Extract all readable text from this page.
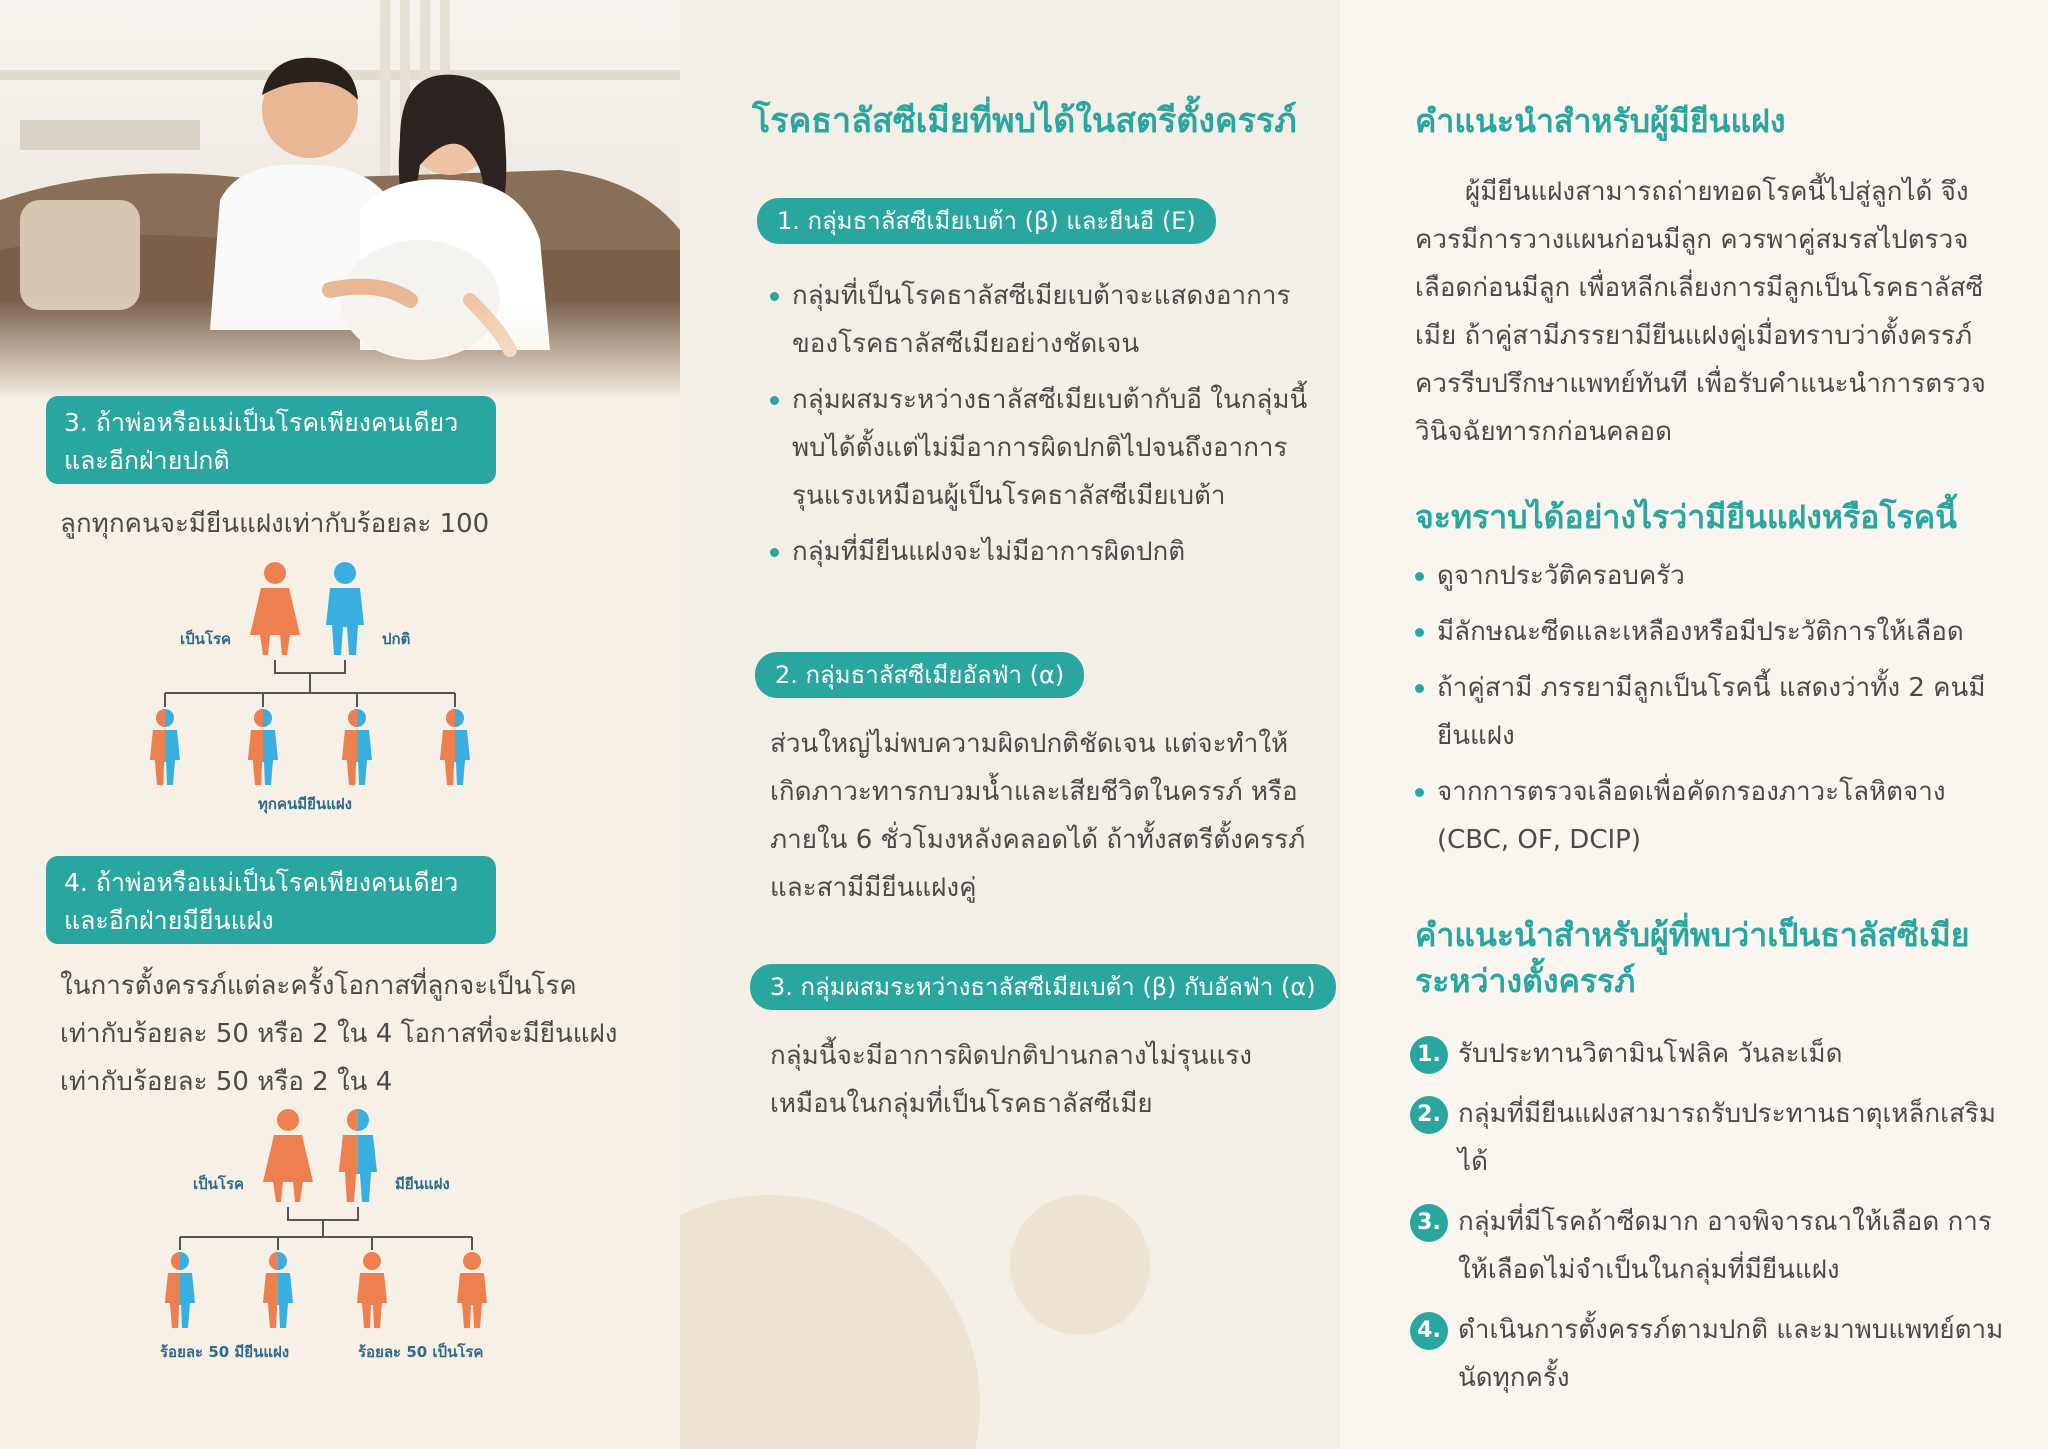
3. ถ้าพ่อหรือแม่เป็นโรคเพียงคนเดียว และอีกฝ่ายปกติ
ลูกทุกคนจะมียีนแฝงเท่ากับร้อยละ 100
เป็นโรค	ปกติ
ทุกคนมียีนแฝง
4. ถ้าพ่อหรือแม่เป็นโรคเพียงคนเดียว และอีกฝ่ายมียีนแฝง
ในการตั้งครรภ์แต่ละครั้งโอกาสที่ลูกจะเป็นโรคเท่ากับร้อยละ 50 หรือ 2 ใน 4 โอกาสที่จะมียีนแฝงเท่ากับร้อยละ 50 หรือ 2 ใน 4
เป็นโรค	มียีนแฝง
ร้อยละ 50 มียีนแฝง	ร้อยละ 50 เป็นโรค
โรคธาลัสซีเมียที่พบได้ในสตรีตั้งครรภ์
1. กลุ่มธาลัสซีเมียเบต้า (β) และยีนอี (E)
กลุ่มที่เป็นโรคธาลัสซีเมียเบต้าจะแสดงอาการของโรคธาลัสซีเมียอย่างชัดเจน
กลุ่มผสมระหว่างธาลัสซีเมียเบต้ากับอี ในกลุ่มนี้พบได้ตั้งแต่ไม่มีอาการผิดปกติไปจนถึงอาการรุนแรงเหมือนผู้เป็นโรคธาลัสซีเมียเบต้า
กลุ่มที่มียีนแฝงจะไม่มีอาการผิดปกติ
2. กลุ่มธาลัสซีเมียอัลฟ่า (α)
ส่วนใหญ่ไม่พบความผิดปกติชัดเจน แต่จะทำให้เกิดภาวะทารกบวมน้ำและเสียชีวิตในครรภ์ หรือภายใน 6 ชั่วโมงหลังคลอดได้ ถ้าทั้งสตรีตั้งครรภ์และสามีมียีนแฝงคู่
3. กลุ่มผสมระหว่างธาลัสซีเมียเบต้า (β) กับอัลฟ่า (α)
กลุ่มนี้จะมีอาการผิดปกติปานกลางไม่รุนแรงเหมือนในกลุ่มที่เป็นโรคธาลัสซีเมีย
คำแนะนำสำหรับผู้มียีนแฝง
ผู้มียีนแฝงสามารถถ่ายทอดโรคนี้ไปสู่ลูกได้ จึงควรมีการวางแผนก่อนมีลูก ควรพาคู่สมรสไปตรวจเลือดก่อนมีลูก เพื่อหลีกเลี่ยงการมีลูกเป็นโรคธาลัสซีเมีย ถ้าคู่สามีภรรยามียีนแฝงคู่เมื่อทราบว่าตั้งครรภ์ควรรีบปรึกษาแพทย์ทันที เพื่อรับคำแนะนำการตรวจวินิจฉัยทารกก่อนคลอด
จะทราบได้อย่างไรว่ามียีนแฝงหรือโรคนี้
ดูจากประวัติครอบครัว
มีลักษณะซีดและเหลืองหรือมีประวัติการให้เลือด
ถ้าคู่สามี ภรรยามีลูกเป็นโรคนี้ แสดงว่าทั้ง 2 คนมียีนแฝง
จากการตรวจเลือดเพื่อคัดกรองภาวะโลหิตจาง (CBC, OF, DCIP)
คำแนะนำสำหรับผู้ที่พบว่าเป็นธาลัสซีเมียระหว่างตั้งครรภ์
1. รับประทานวิตามินโฟลิค วันละเม็ด
2. กลุ่มที่มียีนแฝงสามารถรับประทานธาตุเหล็กเสริมได้
3. กลุ่มที่มีโรคถ้าซีดมาก อาจพิจารณาให้เลือด การให้เลือดไม่จำเป็นในกลุ่มที่มียีนแฝง
4. ดำเนินการตั้งครรภ์ตามปกติ และมาพบแพทย์ตามนัดทุกครั้ง
